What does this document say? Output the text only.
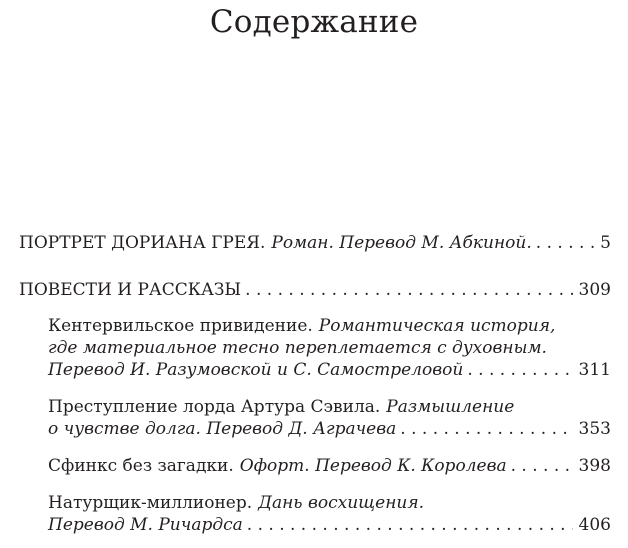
Содержание
ПОРТРЕТ ДОРИАНА ГРЕЯ. Роман. Перевод М. Абкиной. . . .	5
ПОВЕСТИ И РАССКАЗЫ . . .	309
Кентервильское привидение. Романтическая история,
где материальное тесно переплетается с духовным.
Перевод И. Разумовской и С. Самостреловой . . .	311
Преступление лорда Артура Сэвила. Размышление
о чувстве долга. Перевод Д. Аграчева . . .	353
Сфинкс без загадки. Офорт. Перевод К. Королева . . .	398
Натурщик-миллионер. Дань восхищения.
Перевод М. Ричардса . . .	406
